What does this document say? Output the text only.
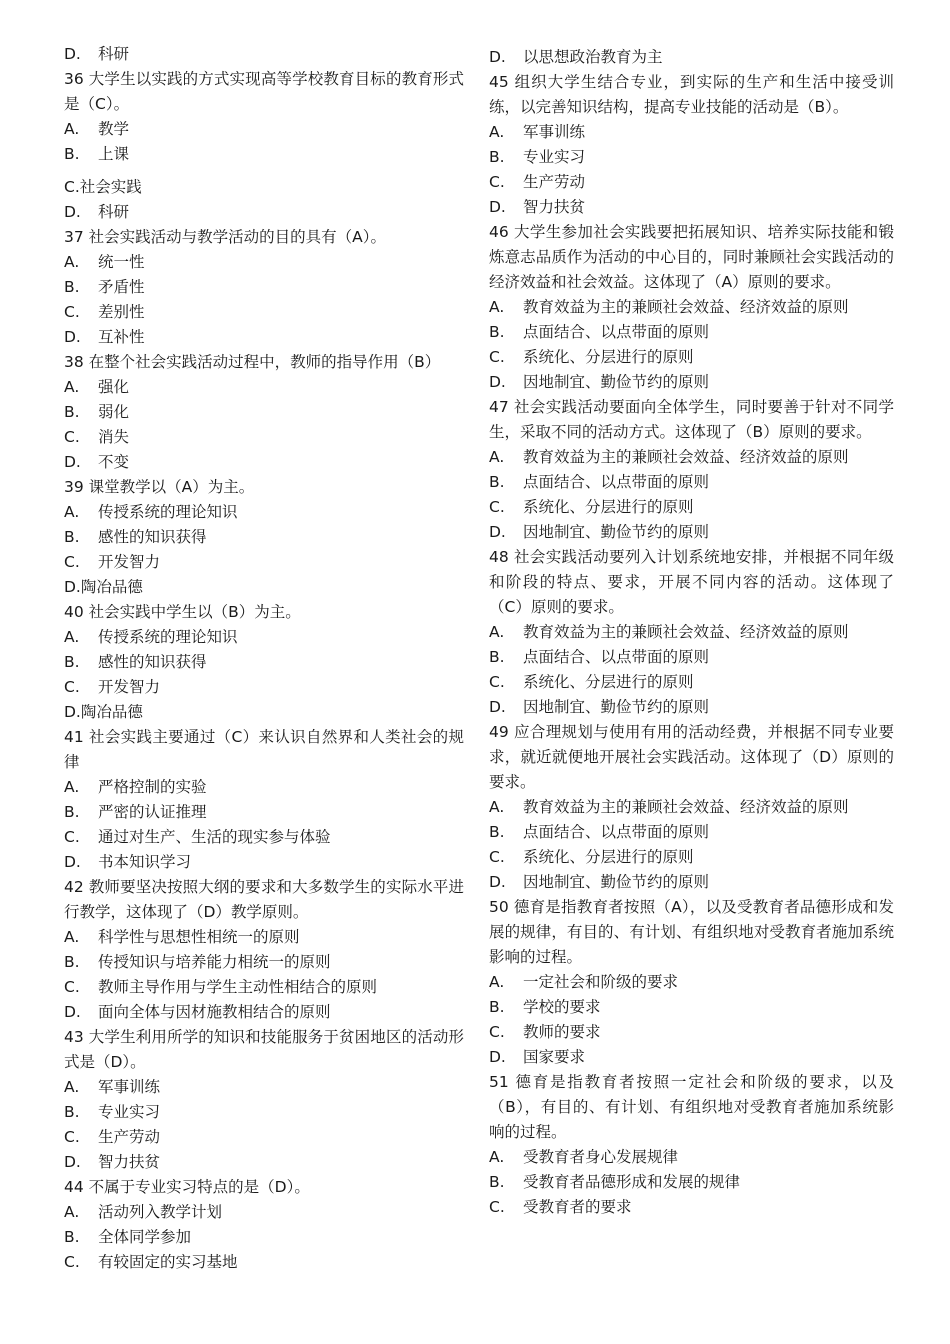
D. 科研

36 大学生以实践的方式实现高等学校教育目标的教育形式是（C）。

A. 教学
B. 上课
C.社会实践
D. 科研

37 社会实践活动与教学活动的目的具有（A）。

A. 统一性
B. 矛盾性
C. 差别性
D. 互补性

38 在整个社会实践活动过程中，教师的指导作用（B）

A. 强化
B. 弱化
C. 消失
D. 不变

39 课堂教学以（A）为主。

A. 传授系统的理论知识
B. 感性的知识获得
C. 开发智力
D.陶冶品德

40 社会实践中学生以（B）为主。

A. 传授系统的理论知识
B. 感性的知识获得
C. 开发智力
D.陶冶品德

41 社会实践主要通过（C）来认识自然界和人类社会的规律

A. 严格控制的实验
B. 严密的认证推理
C. 通过对生产、生活的现实参与体验
D. 书本知识学习

42 教师要坚决按照大纲的要求和大多数学生的实际水平进行教学，这体现了（D）教学原则。

A. 科学性与思想性相统一的原则
B. 传授知识与培养能力相统一的原则
C. 教师主导作用与学生主动性相结合的原则
D. 面向全体与因材施教相结合的原则

43 大学生利用所学的知识和技能服务于贫困地区的活动形式是（D）。

A. 军事训练
B. 专业实习
C. 生产劳动
D. 智力扶贫

44 不属于专业实习特点的是（D）。

A. 活动列入教学计划
B. 全体同学参加
C. 有较固定的实习基地
D. 以思想政治教育为主

45 组织大学生结合专业，到实际的生产和生活中接受训练，以完善知识结构，提高专业技能的活动是（B）。

A. 军事训练
B. 专业实习
C. 生产劳动
D. 智力扶贫

46 大学生参加社会实践要把拓展知识、培养实际技能和锻炼意志品质作为活动的中心目的，同时兼顾社会实践活动的经济效益和社会效益。这体现了（A）原则的要求。

A. 教育效益为主的兼顾社会效益、经济效益的原则
B. 点面结合、以点带面的原则
C. 系统化、分层进行的原则
D. 因地制宜、勤俭节约的原则

47 社会实践活动要面向全体学生，同时要善于针对不同学生，采取不同的活动方式。这体现了（B）原则的要求。

A. 教育效益为主的兼顾社会效益、经济效益的原则
B. 点面结合、以点带面的原则
C. 系统化、分层进行的原则
D. 因地制宜、勤俭节约的原则

48 社会实践活动要列入计划系统地安排，并根据不同年级和阶段的特点、要求，开展不同内容的活动。这体现了（C）原则的要求。

A. 教育效益为主的兼顾社会效益、经济效益的原则
B. 点面结合、以点带面的原则
C. 系统化、分层进行的原则
D. 因地制宜、勤俭节约的原则

49 应合理规划与使用有用的活动经费，并根据不同专业要求，就近就便地开展社会实践活动。这体现了（D）原则的要求。

A. 教育效益为主的兼顾社会效益、经济效益的原则
B. 点面结合、以点带面的原则
C. 系统化、分层进行的原则
D. 因地制宜、勤俭节约的原则

50 德育是指教育者按照（A），以及受教育者品德形成和发展的规律，有目的、有计划、有组织地对受教育者施加系统影响的过程。

A. 一定社会和阶级的要求
B. 学校的要求
C. 教师的要求
D. 国家要求

51 德育是指教育者按照一定社会和阶级的要求，以及（B），有目的、有计划、有组织地对受教育者施加系统影响的过程。

A. 受教育者身心发展规律
B. 受教育者品德形成和发展的规律
C. 受教育者的要求
